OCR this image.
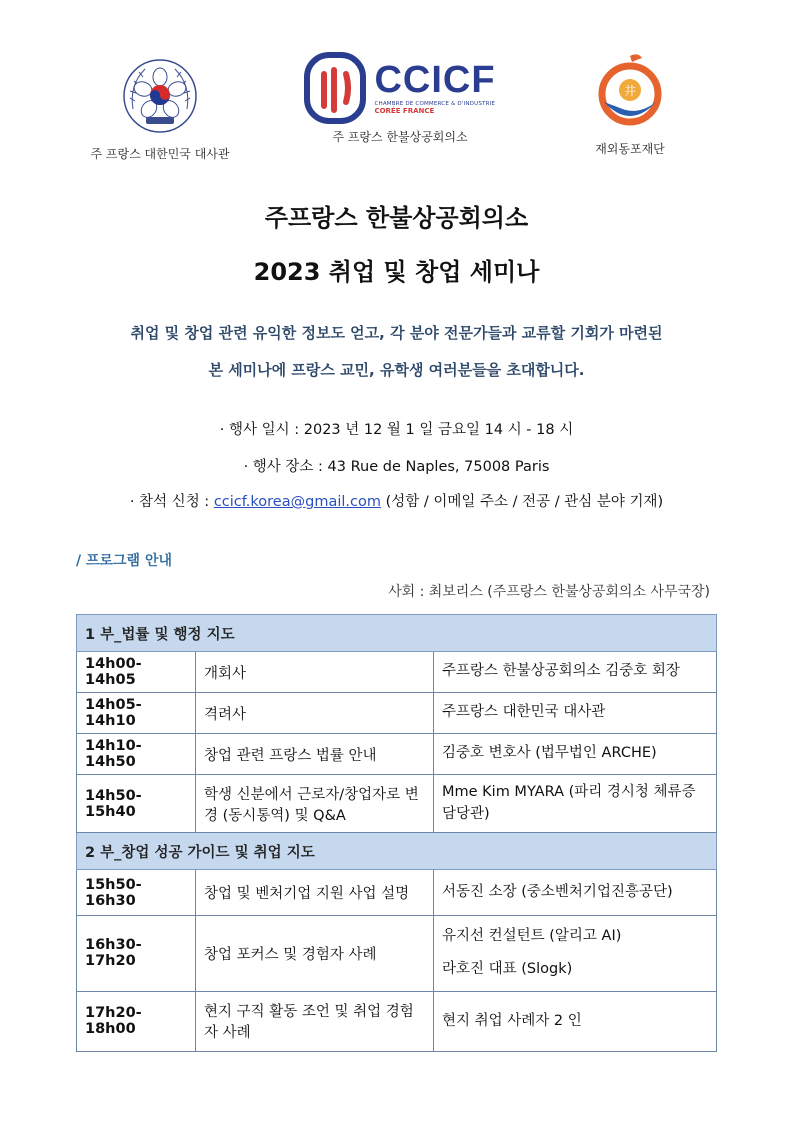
주 프랑스 대한민국 대사관
CCICF
CHAMBRE DE COMMERCE & D'INDUSTRIE
CORÉE FRANCE
주 프랑스 한불상공회의소
井
재외동포재단
주프랑스 한불상공회의소
2023 취업 및 창업 세미나
취업 및 창업 관련 유익한 정보도 얻고, 각 분야 전문가들과 교류할 기회가 마련된
본 세미나에 프랑스 교민, 유학생 여러분들을 초대합니다.
· 행사 일시 : 2023 년 12 월 1 일 금요일 14 시 - 18 시
· 행사 장소 : 43 Rue de Naples, 75008 Paris
· 참석 신청 : ccicf.korea@gmail.com (성함 / 이메일 주소 / 전공 / 관심 분야 기재)
/ 프로그램 안내
사회 : 최보리스 (주프랑스 한불상공회의소 사무국장)
1 부_법률 및 행정 지도		
14h00-14h05	개회사	주프랑스 한불상공회의소 김중호 회장
14h05-14h10	격려사	주프랑스 대한민국 대사관
14h10-14h50	창업 관련 프랑스 법률 안내	김중호 변호사 (법무법인 ARCHE)
14h50-15h40	학생 신분에서 근로자/창업자로 변경 (동시통역) 및 Q&A	Mme Kim MYARA (파리 경시청 체류증 담당관)
2 부_창업 성공 가이드 및 취업 지도		
15h50-16h30	창업 및 벤처기업 지원 사업 설명	서동진 소장 (중소벤처기업진흥공단)
16h30-17h20	창업 포커스 및 경험자 사례	유지선 컨설턴트 (알리고 AI)
라호진 대표 (Slogk)

17h20-18h00	현지 구직 활동 조언 및 취업 경험자 사례	현지 취업 사례자 2 인
